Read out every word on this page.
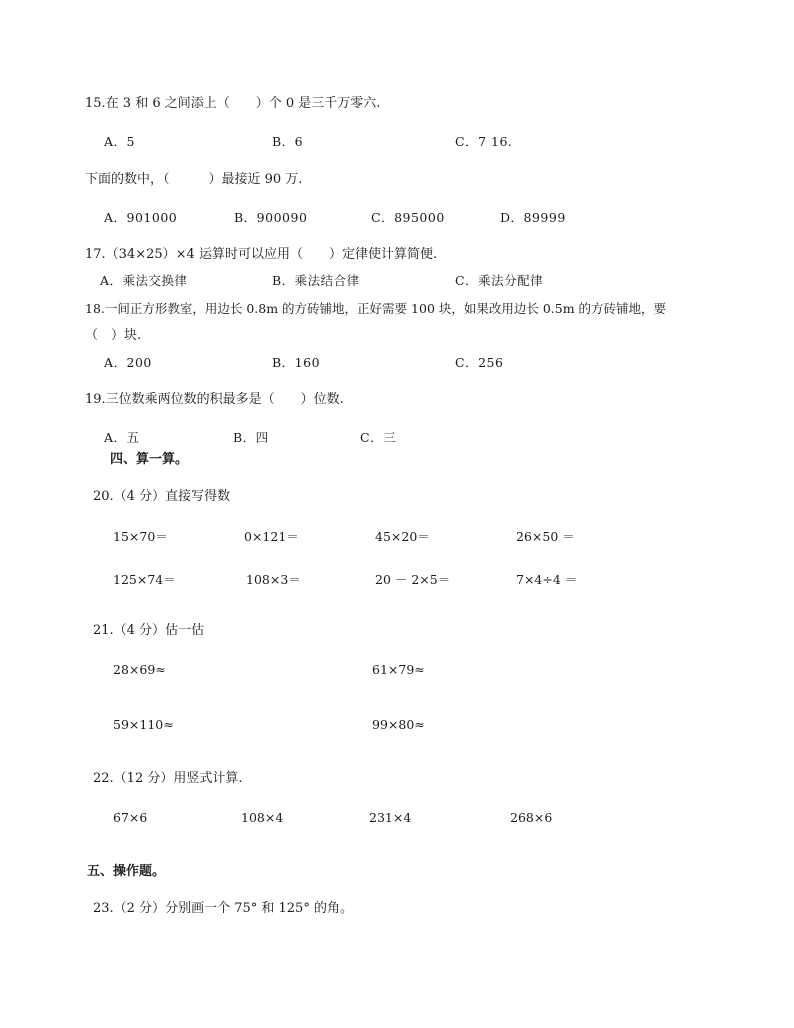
15.在 3 和 6 之间添上（　　）个 0 是三千万零六.
A．5	B．6	C．7 16.
下面的数中，（　　　）最接近 90 万.
A．901000	B．900090	C．895000	D．89999
17.（34×25）×4 运算时可以应用（　　）定律使计算简便.
A．乘法交换律	B．乘法结合律	C．乘法分配律
18.一间正方形教室，用边长 0.8m 的方砖铺地，正好需要 100 块，如果改用边长 0.5m 的方砖铺地，要
（　）块.
A．200	B．160	C．256
19.三位数乘两位数的积最多是（　　）位数.
A．五	B．四	C．三
四、算一算。
20.（4 分）直接写得数
15×70＝	0×121＝	45×20＝	26×50 ＝
125×74＝	108×3＝	20 － 2×5＝	7×4÷4 ＝
21.（4 分）估一估
28×69≈	61×79≈
59×110≈	99×80≈
22.（12 分）用竖式计算.
67×6	108×4	231×4	268×6
五、操作题。
23.（2 分）分别画一个 75° 和 125° 的角。
